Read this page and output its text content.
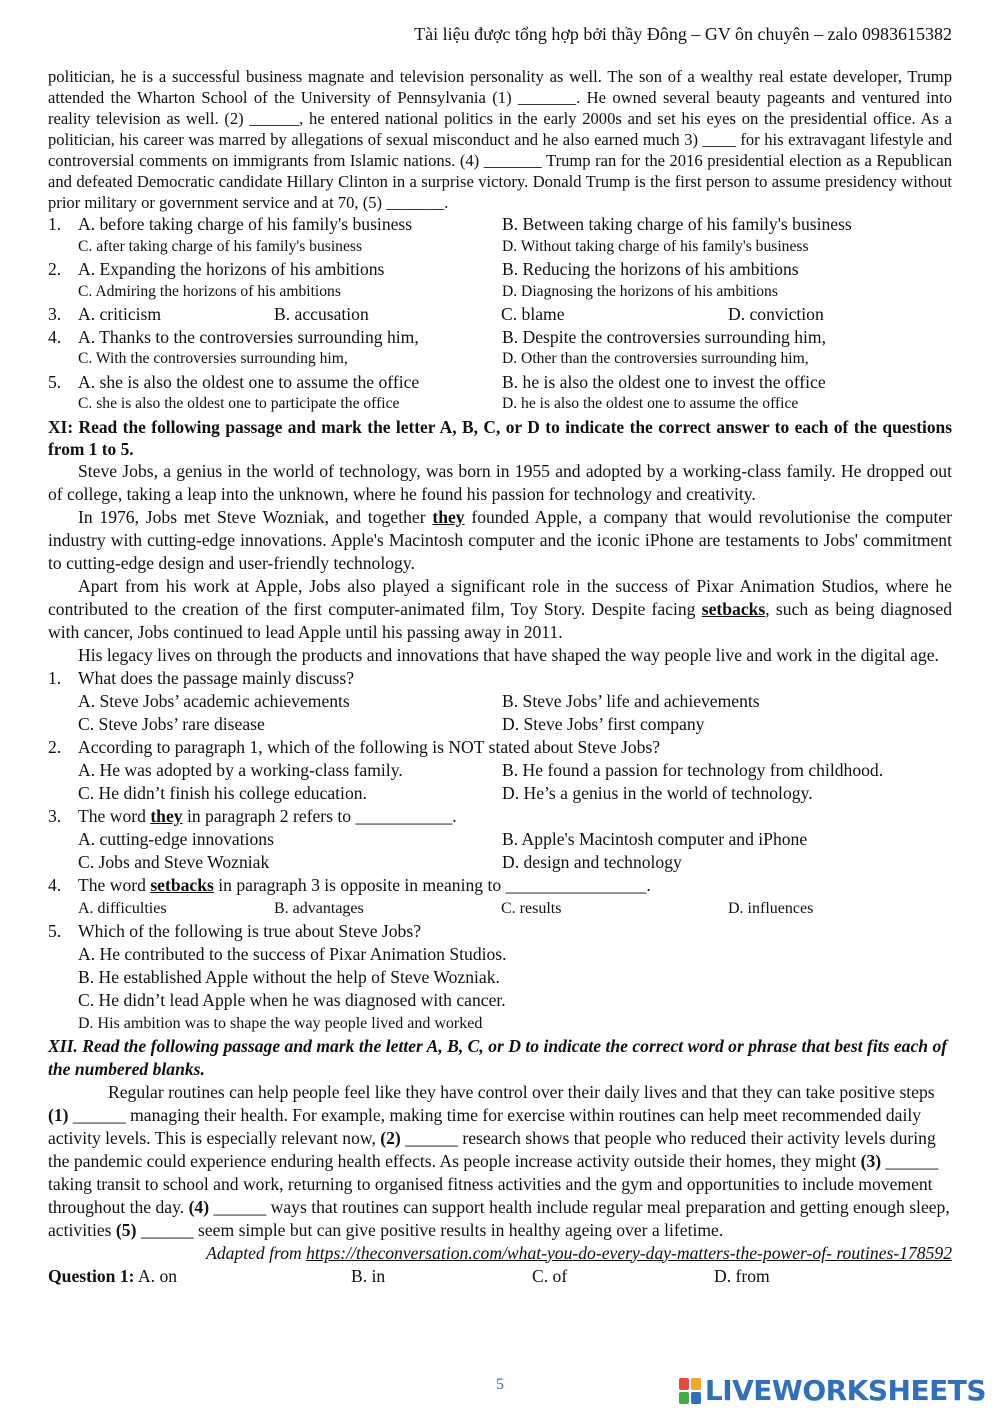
Tài liệu được tổng hợp bởi thầy Đông – GV ôn chuyên – zalo 0983615382
politician, he is a successful business magnate and television personality as well. The son of a wealthy real estate developer, Trump attended the Wharton School of the University of Pennsylvania (1) _______. He owned several beauty pageants and ventured into reality television as well. (2) ______, he entered national politics in the early 2000s and set his eyes on the presidential office. As a politician, his career was marred by allegations of sexual misconduct and he also earned much 3) ____ for his extravagant lifestyle and controversial comments on immigrants from Islamic nations. (4) _______ Trump ran for the 2016 presidential election as a Republican and defeated Democratic candidate Hillary Clinton in a surprise victory. Donald Trump is the first person to assume presidency without prior military or government service and at 70, (5) _______.
1. A. before taking charge of his family's business	B. Between taking charge of his family's business
C. after taking charge of his family's business	D. Without taking charge of his family's business
2. A. Expanding the horizons of his ambitions	B. Reducing the horizons of his ambitions
C. Admiring the horizons of his ambitions	D. Diagnosing the horizons of his ambitions
3. A. criticism	B. accusation	C. blame	D. conviction
4. A. Thanks to the controversies surrounding him,	B. Despite the controversies surrounding him,
C. With the controversies surrounding him,	D. Other than the controversies surrounding him,
5. A. she is also the oldest one to assume the office	B. he is also the oldest one to invest the office
C. she is also the oldest one to participate the office	D. he is also the oldest one to assume the office
XI: Read the following passage and mark the letter A, B, C, or D to indicate the correct answer to each of the questions from 1 to 5.
Steve Jobs, a genius in the world of technology, was born in 1955 and adopted by a working-class family. He dropped out of college, taking a leap into the unknown, where he found his passion for technology and creativity.
In 1976, Jobs met Steve Wozniak, and together they founded Apple, a company that would revolutionise the computer industry with cutting-edge innovations. Apple's Macintosh computer and the iconic iPhone are testaments to Jobs' commitment to cutting-edge design and user-friendly technology.
Apart from his work at Apple, Jobs also played a significant role in the success of Pixar Animation Studios, where he contributed to the creation of the first computer-animated film, Toy Story. Despite facing setbacks, such as being diagnosed with cancer, Jobs continued to lead Apple until his passing away in 2011.
His legacy lives on through the products and innovations that have shaped the way people live and work in the digital age.
1. What does the passage mainly discuss?
A. Steve Jobs’ academic achievements	B. Steve Jobs’ life and achievements
C. Steve Jobs’ rare disease	D. Steve Jobs’ first company
2. According to paragraph 1, which of the following is NOT stated about Steve Jobs?
A. He was adopted by a working-class family.	B. He found a passion for technology from childhood.
C. He didn’t finish his college education.	D. He’s a genius in the world of technology.
3. The word they in paragraph 2 refers to ___________.
A. cutting-edge innovations	B. Apple's Macintosh computer and iPhone
C. Jobs and Steve Wozniak	D. design and technology
4. The word setbacks in paragraph 3 is opposite in meaning to ________________.
A. difficulties	B. advantages	C. results	D. influences
5. Which of the following is true about Steve Jobs?
A. He contributed to the success of Pixar Animation Studios.
B. He established Apple without the help of Steve Wozniak.
C. He didn’t lead Apple when he was diagnosed with cancer.
D. His ambition was to shape the way people lived and worked
XII. Read the following passage and mark the letter A, B, C, or D to indicate the correct word or phrase that best fits each of the numbered blanks.
Regular routines can help people feel like they have control over their daily lives and that they can take positive steps (1) ______ managing their health. For example, making time for exercise within routines can help meet recommended daily activity levels. This is especially relevant now, (2) ______ research shows that people who reduced their activity levels during the pandemic could experience enduring health effects. As people increase activity outside their homes, they might (3) ______ taking transit to school and work, returning to organised fitness activities and the gym and opportunities to include movement throughout the day. (4) ______ ways that routines can support health include regular meal preparation and getting enough sleep, activities (5) ______ seem simple but can give positive results in healthy ageing over a lifetime.
Adapted from https://theconversation.com/what-you-do-every-day-matters-the-power-of- routines-178592
Question 1: A. on	B. in	C. of	D. from
5	LIVEWORKSHEETS
